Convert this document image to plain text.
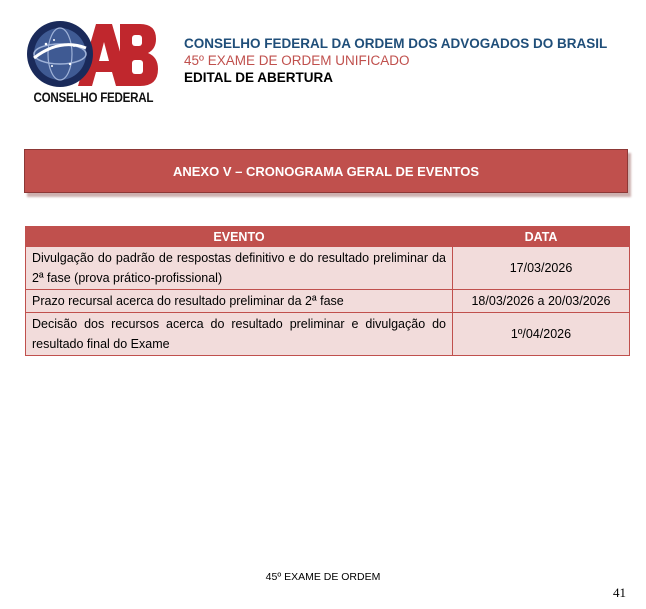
CONSELHO FEDERAL
CONSELHO FEDERAL DA ORDEM DOS ADVOGADOS DO BRASIL
45º EXAME DE ORDEM UNIFICADO
EDITAL DE ABERTURA
ANEXO V – CRONOGRAMA GERAL DE EVENTOS
EVENTO	DATA
Divulgação do padrão de respostas definitivo e do resultado preliminar da 2ª fase (prova prático-profissional)	17/03/2026
Prazo recursal acerca do resultado preliminar da 2ª fase	18/03/2026 a 20/03/2026
Decisão dos recursos acerca do resultado preliminar e divulgação do resultado final do Exame	1º/04/2026
45º EXAME DE ORDEM
41
